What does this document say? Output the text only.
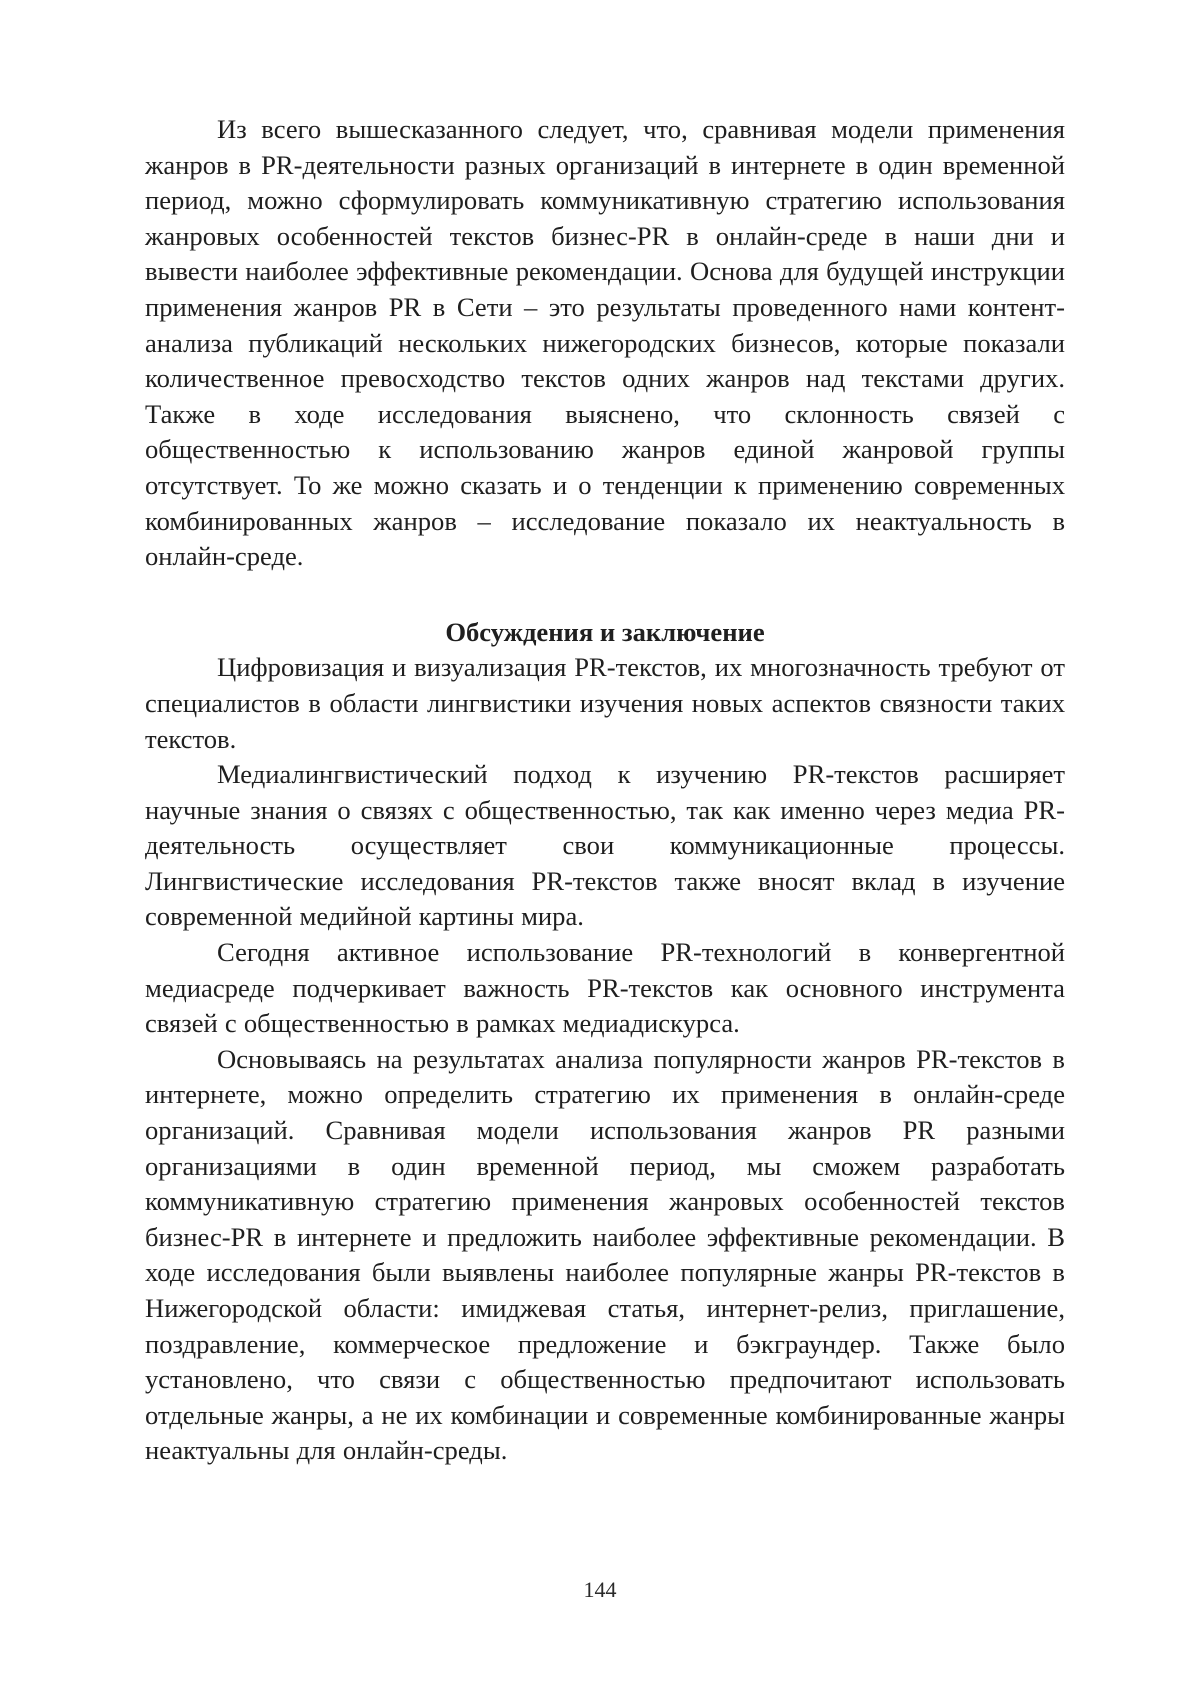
Из всего вышесказанного следует, что, сравнивая модели применения жанров в PR-деятельности разных организаций в интернете в один временной период, можно сформулировать коммуникативную стратегию использования жанровых особенностей текстов бизнес-PR в онлайн-среде в наши дни и вывести наиболее эффективные рекомендации. Основа для будущей инструкции применения жанров PR в Сети – это результаты проведенного нами контент-анализа публикаций нескольких нижегородских бизнесов, которые показали количественное превосходство текстов одних жанров над текстами других. Также в ходе исследования выяснено, что склонность связей с общественностью к использованию жанров единой жанровой группы отсутствует. То же можно сказать и о тенденции к применению современных комбинированных жанров – исследование показало их неактуальность в онлайн-среде.

Обсуждения и заключение

Цифровизация и визуализация PR-текстов, их многозначность требуют от специалистов в области лингвистики изучения новых аспектов связности таких текстов.

Медиалингвистический подход к изучению PR-текстов расширяет научные знания о связях с общественностью, так как именно через медиа PR-деятельность осуществляет свои коммуникационные процессы. Лингвистические исследования PR-текстов также вносят вклад в изучение современной медийной картины мира.

Сегодня активное использование PR-технологий в конвергентной медиасреде подчеркивает важность PR-текстов как основного инструмента связей с общественностью в рамках медиадискурса.

Основываясь на результатах анализа популярности жанров PR-текстов в интернете, можно определить стратегию их применения в онлайн-среде организаций. Сравнивая модели использования жанров PR разными организациями в один временной период, мы сможем разработать коммуникативную стратегию применения жанровых особенностей текстов бизнес-PR в интернете и предложить наиболее эффективные рекомендации. В ходе исследования были выявлены наиболее популярные жанры PR-текстов в Нижегородской области: имиджевая статья, интернет-релиз, приглашение, поздравление, коммерческое предложение и бэкграундер. Также было установлено, что связи с общественностью предпочитают использовать отдельные жанры, а не их комбинации и современные комбинированные жанры неактуальны для онлайн-среды.

144
